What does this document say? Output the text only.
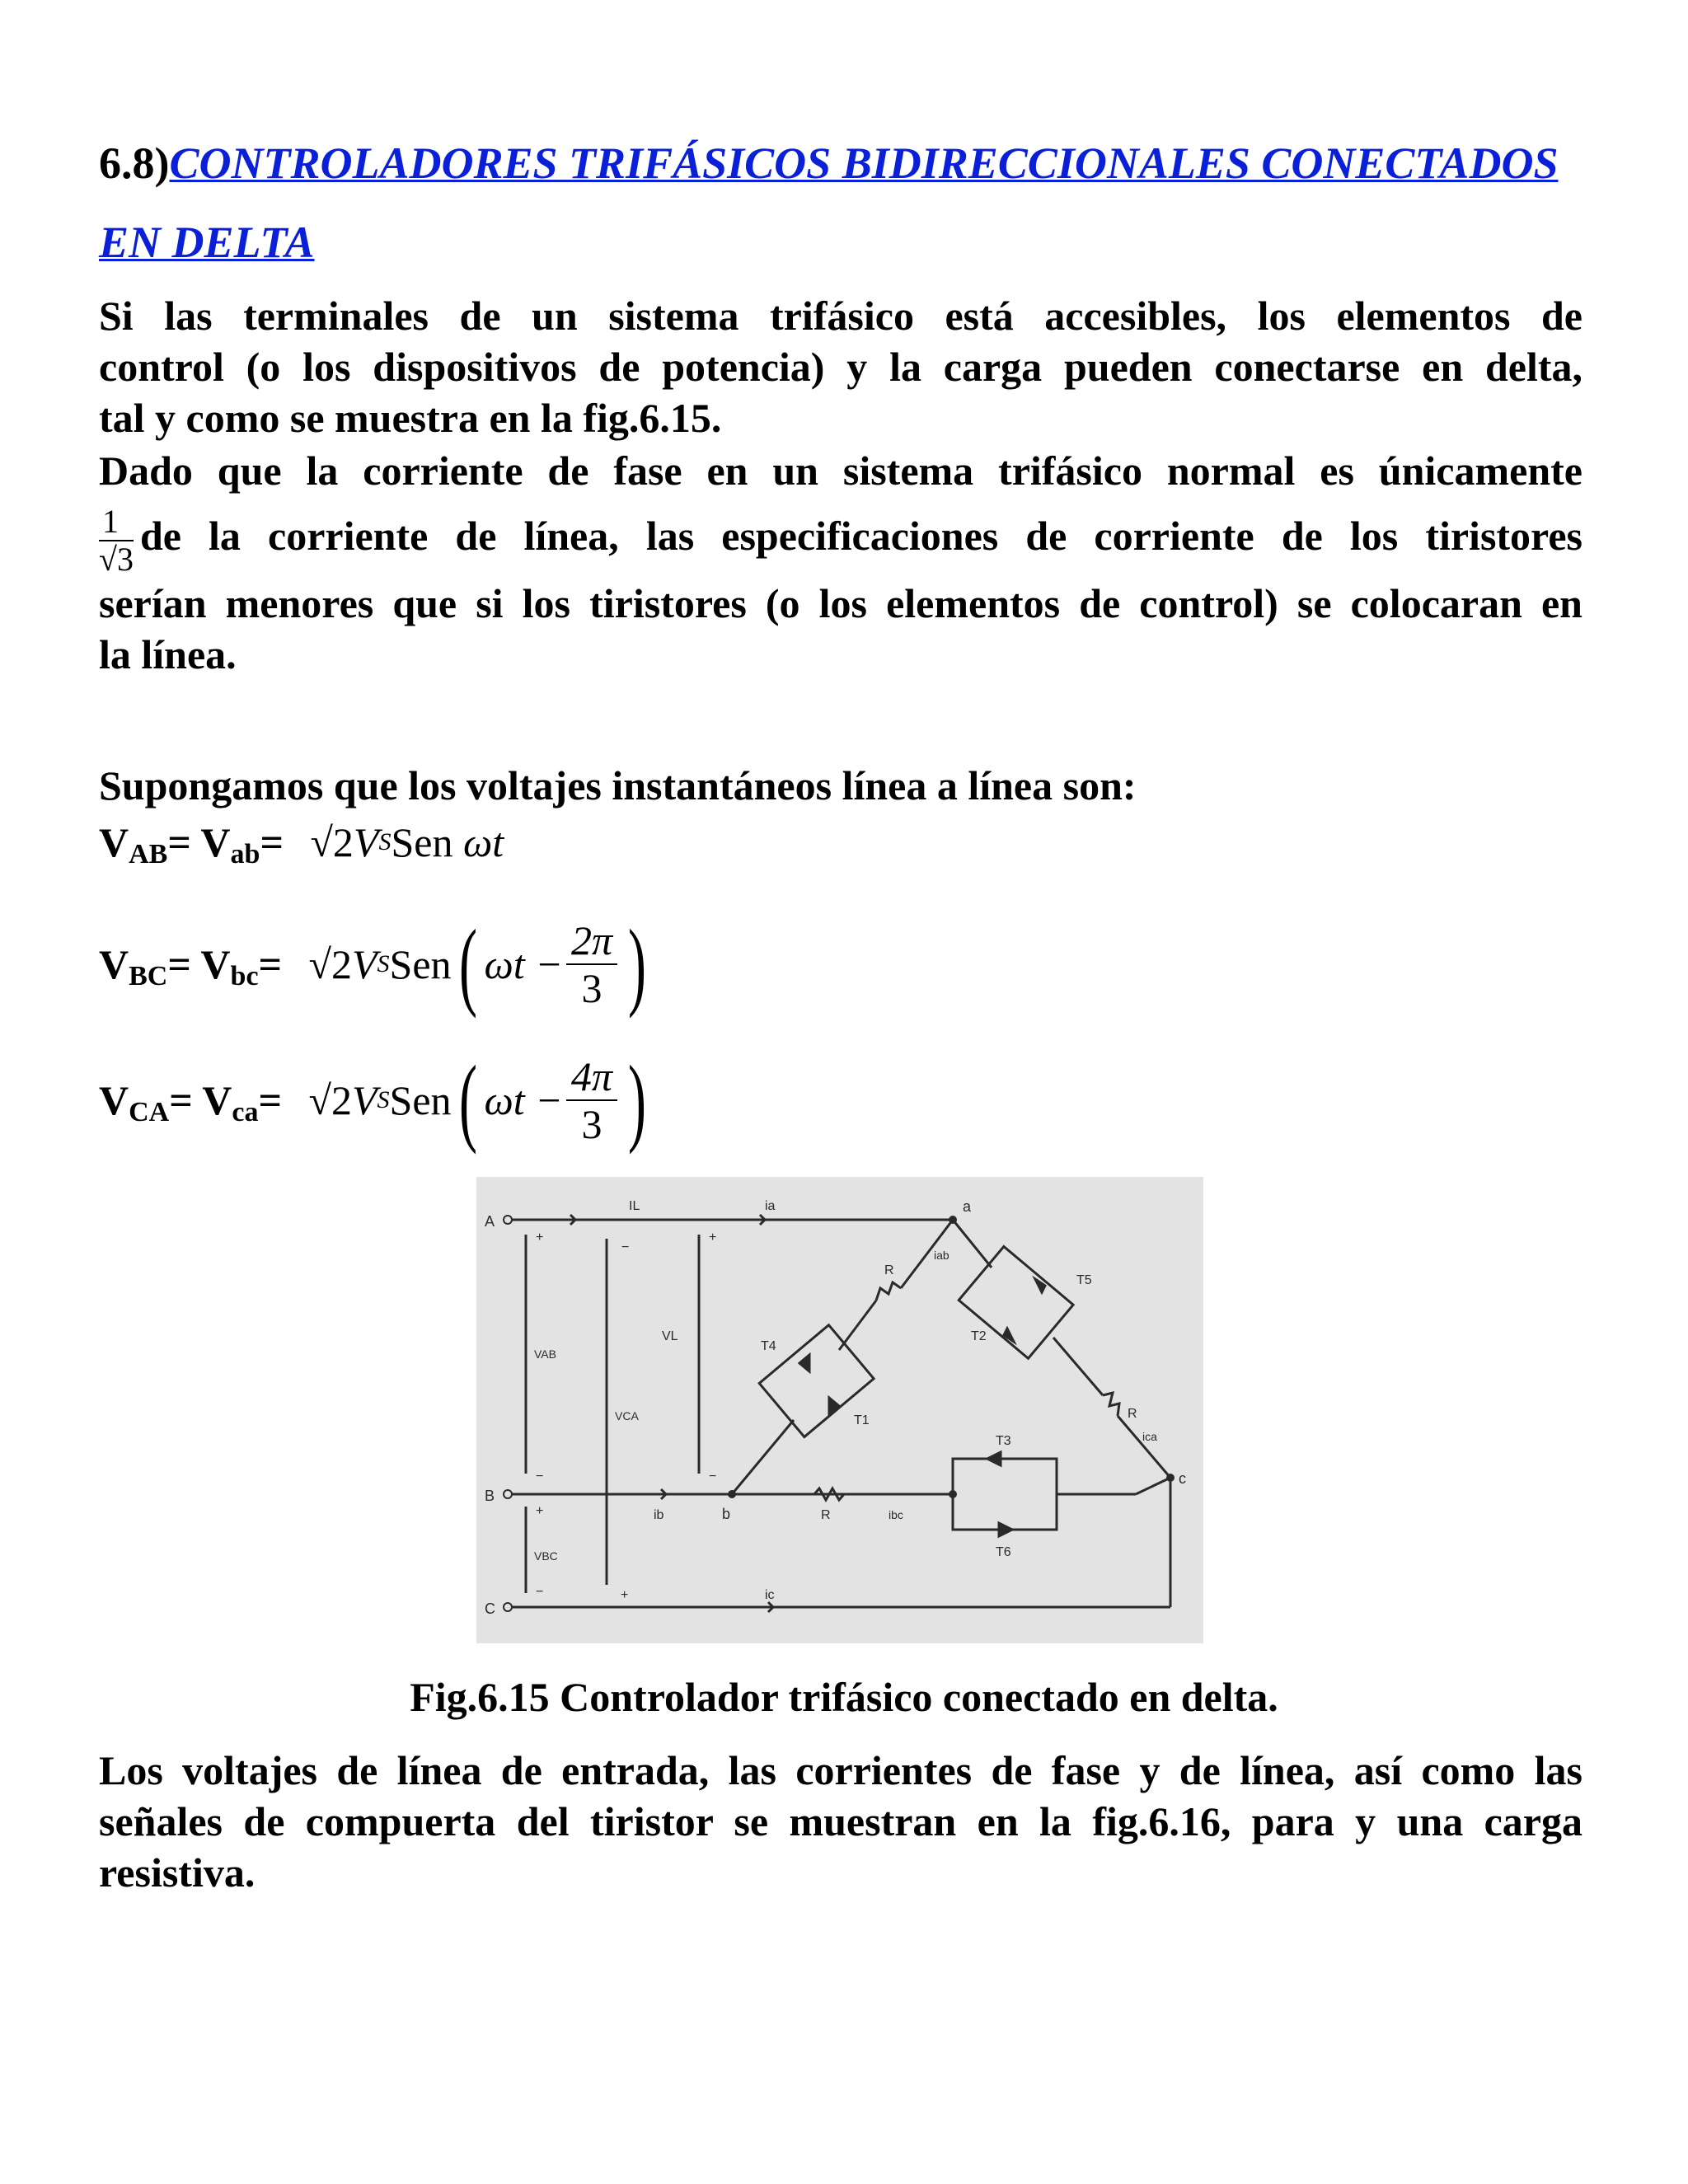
6.8)CONTROLADORES TRIFÁSICOS BIDIRECCIONALES CONECTADOS
EN DELTA
Si las terminales de un sistema trifásico está accesibles, los elementos de
control (o los dispositivos de potencia) y la carga pueden conectarse en delta,
tal y como se muestra en la fig.6.15.
Dado que la corriente de fase en un sistema trifásico normal es únicamente
$\frac{1}{√3}$ de la corriente de línea, las especificaciones de corriente de los tiristores
serían menores que si los tiristores (o los elementos de control) se colocaran en
la línea.
Supongamos que los voltajes instantáneos línea a línea son:
$V_{AB}= V_{ab}= √2$ V S Sen
ωt
$V_{BC}= V_{bc}= √2$ V S Sen ( $\omega t - \frac{2\pi}{3}$ )
$V_{CA}= V_{ca}= √2$ V S Sen ( $\omega t - \frac{4\pi}{3}$ )
A
B
C
a
b
c
IL	ia
ib
ic
iab
ica
ibc
VAB
VCA
VL
VBC
R
R
R
T1
T2
T3
T4
T5
T6
+	+
+
+
−
−	−
−
Fig.6.15 Controlador trifásico conectado en delta.
Los voltajes de línea de entrada, las corrientes de fase y de línea, así como las
señales de compuerta del tiristor se muestran en la fig.6.16, para y una carga
resistiva.
